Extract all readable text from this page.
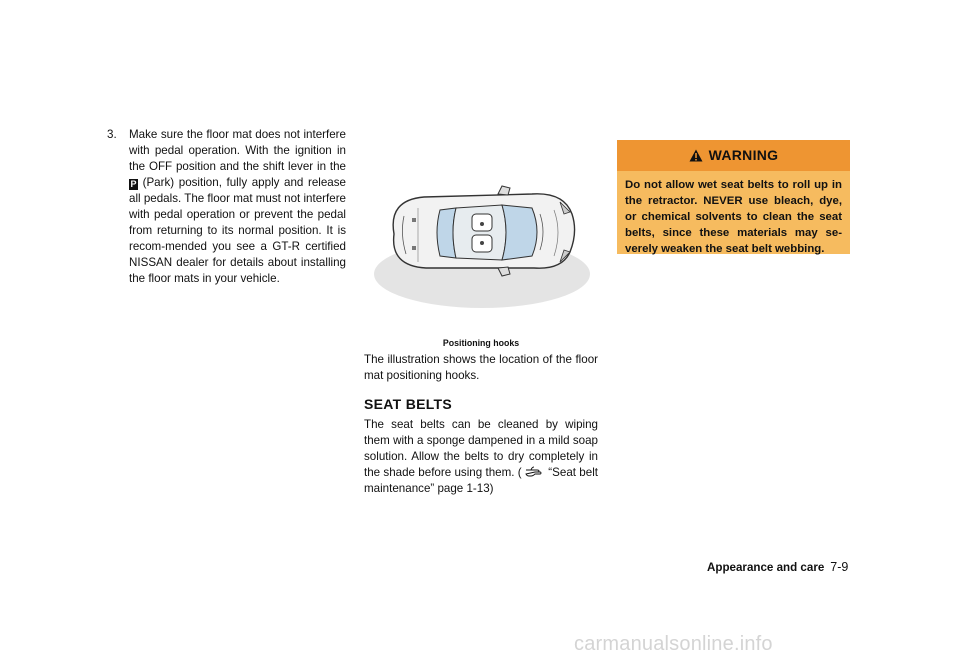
3. Make sure the floor mat does not interfere with pedal operation. With the ignition in the OFF position and the shift lever in the P (Park) position, fully apply and release all pedals. The floor mat must not interfere with pedal operation or prevent the pedal from returning to its normal position. It is recom-mended you see a GT-R certified NISSAN dealer for details about installing the floor mats in your vehicle.
Positioning hooks
The illustration shows the location of the floor mat positioning hooks.
SEAT BELTS
The seat belts can be cleaned by wiping them with a sponge dampened in a mild soap solution. Allow the belts to dry completely in the shade before using them. ( “Seat belt maintenance” page 1-13)
WARNING
Do not allow wet seat belts to roll up in the retractor. NEVER use bleach, dye, or chemical solvents to clean the seat belts, since these materials may se-verely weaken the seat belt webbing.
Appearance and care 7-9
carmanualsonline.info
